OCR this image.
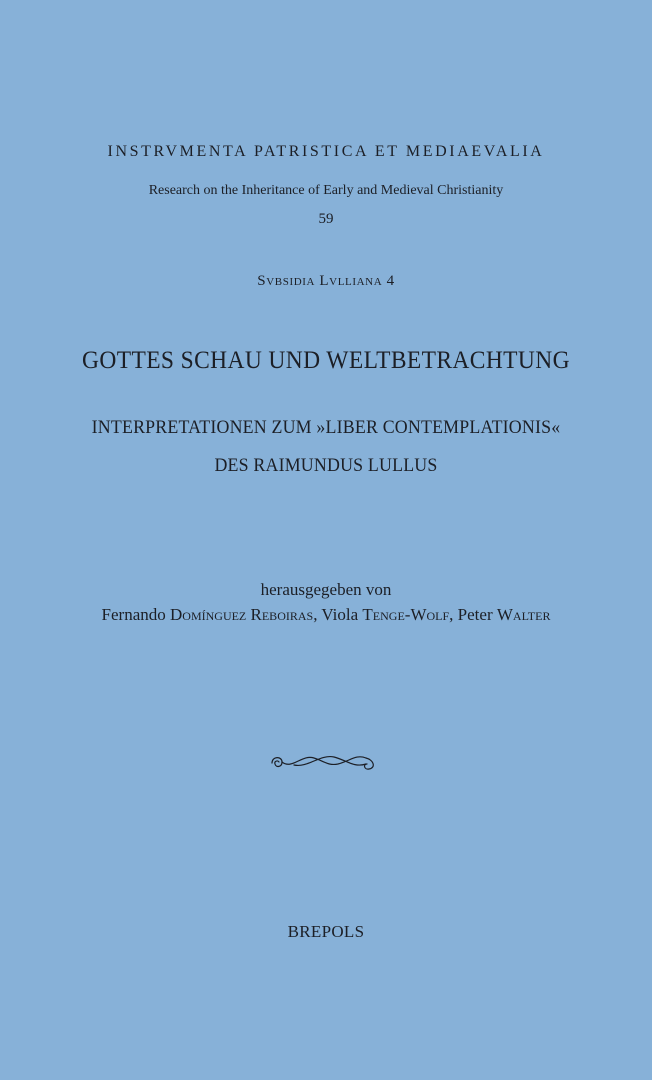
INSTRVMENTA PATRISTICA ET MEDIAEVALIA
Research on the Inheritance of Early and Medieval Christianity
59
Svbsidia Lvlliana 4
GOTTES SCHAU UND WELTBETRACHTUNG
INTERPRETATIONEN ZUM »LIBER CONTEMPLATIONIS«
DES RAIMUNDUS LULLUS
herausgegeben von
Fernando Domínguez Reboiras, Viola Tenge-Wolf, Peter Walter
BREPOLS
